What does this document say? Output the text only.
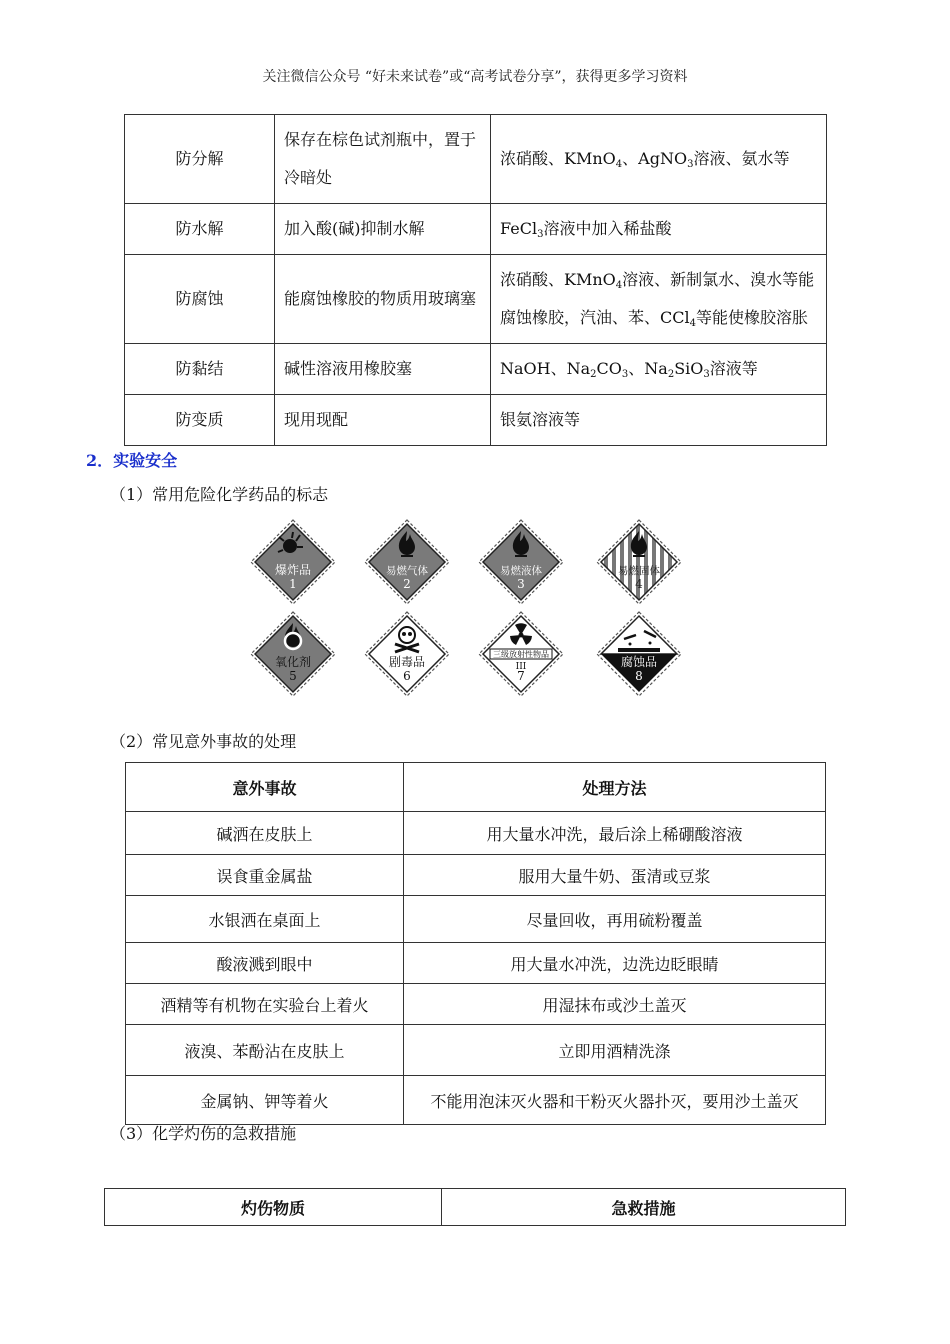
关注微信公众号 “好未来试卷”或“高考试卷分享”，获得更多学习资料
防分解	保存在棕色试剂瓶中，置于冷暗处	浓硝酸、KMnO$_4$、AgNO$_3$溶液、氨水等
防水解	加入酸(碱)抑制水解	FeCl$_3$溶液中加入稀盐酸
防腐蚀	能腐蚀橡胶的物质用玻璃塞	浓硝酸、KMnO$_4$溶液、新制氯水、溴水等能腐蚀橡胶，汽油、苯、CCl$_4$等能使橡胶溶胀
防黏结	碱性溶液用橡胶塞	NaOH、$Na_2CO_3$、$Na_2SiO_3$溶液等
防变质	现用现配	银氨溶液等
2．实验安全
（1）常用危险化学药品的标志
爆炸品
1
易燃气体
2
易燃液体
3
易燃固体
4
氧化剂
5
剧毒品
6
三级放射性物品
III
7
腐蚀品
8
（2）常见意外事故的处理
意外事故	处理方法
碱洒在皮肤上	用大量水冲洗，最后涂上稀硼酸溶液
误食重金属盐	服用大量牛奶、蛋清或豆浆
水银洒在桌面上	尽量回收，再用硫粉覆盖
酸液溅到眼中	用大量水冲洗，边洗边眨眼睛
酒精等有机物在实验台上着火	用湿抹布或沙土盖灭
液溴、苯酚沾在皮肤上	立即用酒精洗涤
金属钠、钾等着火	不能用泡沫灭火器和干粉灭火器扑灭，要用沙土盖灭
（3）化学灼伤的急救措施
灼伤物质	急救措施
